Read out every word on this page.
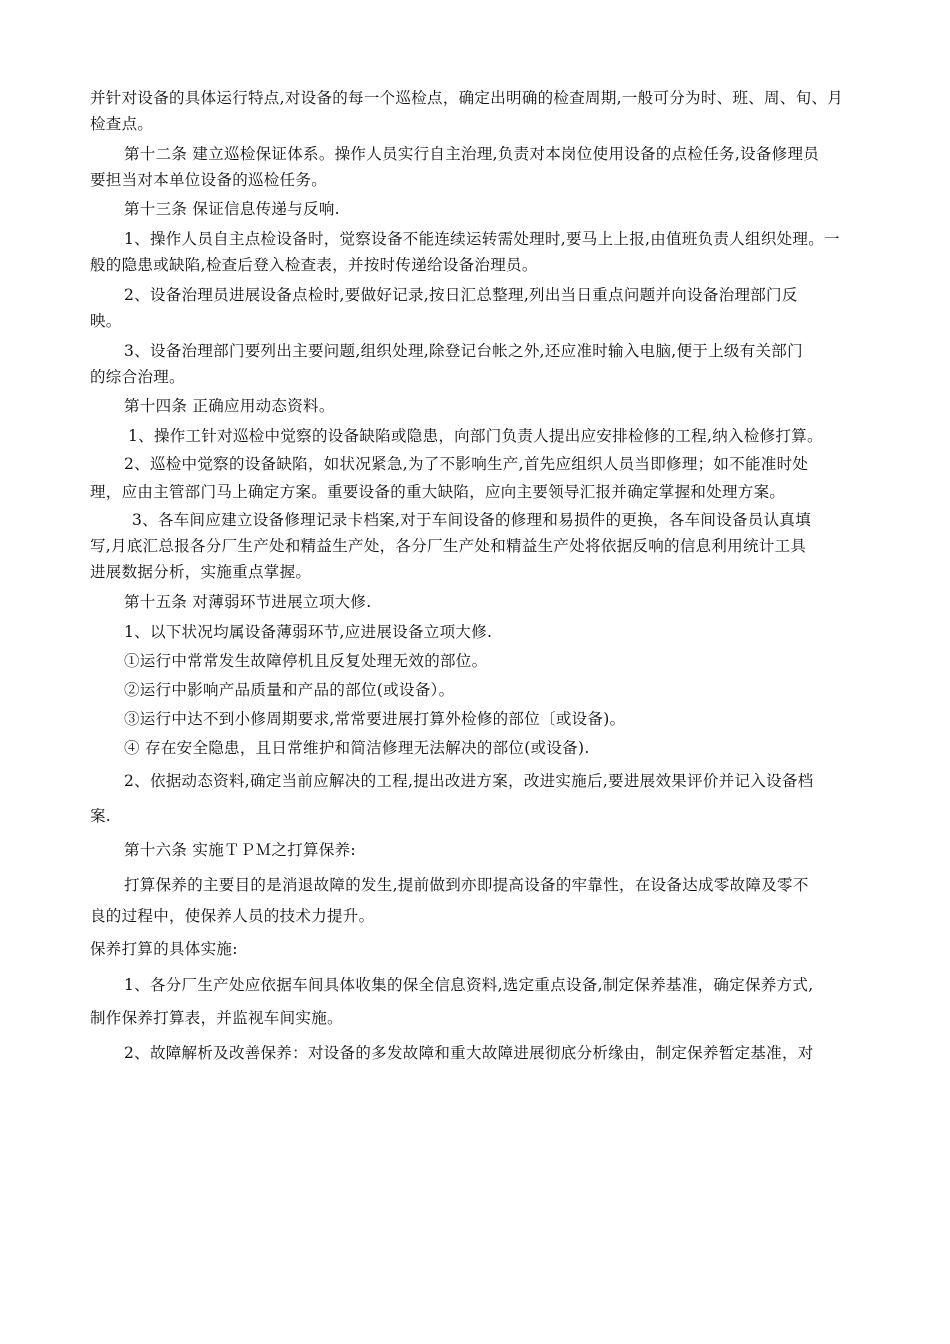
并针对设备的具体运行特点,对设备的每一个巡检点，确定出明确的检查周期,一般可分为时、班、周、旬、月
检查点。
第十二条 建立巡检保证体系。操作人员实行自主治理,负责对本岗位使用设备的点检任务,设备修理员
要担当对本单位设备的巡检任务。
第十三条 保证信息传递与反响.
1、操作人员自主点检设备时，觉察设备不能连续运转需处理时,要马上上报,由值班负责人组织处理。一
般的隐患或缺陷,检查后登入检查表，并按时传递给设备治理员。
2、设备治理员进展设备点检时,要做好记录,按日汇总整理,列出当日重点问题并向设备治理部门反
映。
3、设备治理部门要列出主要问题,组织处理,除登记台帐之外,还应准时输入电脑,便于上级有关部门
的综合治理。
第十四条 正确应用动态资料。
1、操作工针对巡检中觉察的设备缺陷或隐患，向部门负责人提出应安排检修的工程,纳入检修打算。
2、巡检中觉察的设备缺陷，如状况紧急,为了不影响生产,首先应组织人员当即修理；如不能准时处
理，应由主管部门马上确定方案。重要设备的重大缺陷，应向主要领导汇报并确定掌握和处理方案。
3、各车间应建立设备修理记录卡档案,对于车间设备的修理和易损件的更换，各车间设备员认真填
写,月底汇总报各分厂生产处和精益生产处，各分厂生产处和精益生产处将依据反响的信息利用统计工具
进展数据分析，实施重点掌握。
第十五条 对薄弱环节进展立项大修.
1、以下状况均属设备薄弱环节,应进展设备立项大修.
①运行中常常发生故障停机且反复处理无效的部位。
②运行中影响产品质量和产品的部位(或设备）。
③运行中达不到小修周期要求,常常要进展打算外检修的部位〔或设备)。
④ 存在安全隐患，且日常维护和简洁修理无法解决的部位(或设备).
2、依据动态资料,确定当前应解决的工程,提出改进方案，改进实施后,要进展效果评价并记入设备档
案.
第十六条 实施ＴＰＭ之打算保养:
打算保养的主要目的是消退故障的发生,提前做到亦即提高设备的牢靠性，在设备达成零故障及零不
良的过程中，使保养人员的技术力提升。
保养打算的具体实施:
1、各分厂生产处应依据车间具体收集的保全信息资料,选定重点设备,制定保养基准，确定保养方式,
制作保养打算表，并监视车间实施。
2、故障解析及改善保养：对设备的多发故障和重大故障进展彻底分析缘由，制定保养暂定基准，对
